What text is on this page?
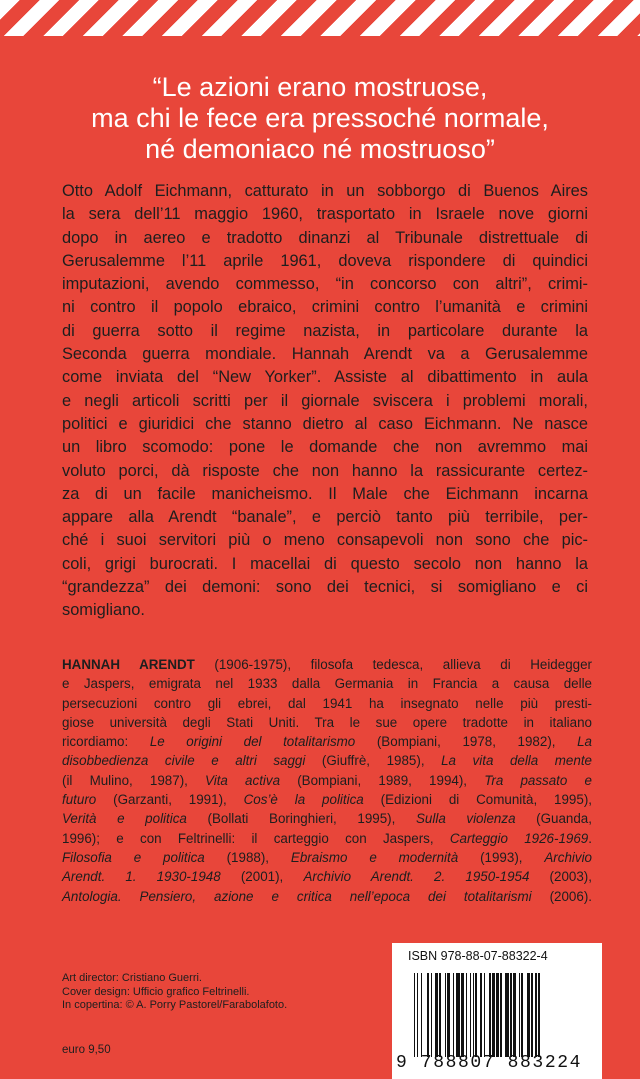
“Le azioni erano mostruose,
ma chi le fece era pressoché normale,
né demoniaco né mostruoso”
Otto Adolf Eichmann, catturato in un sobborgo di Buenos Aires
la sera dell’11 maggio 1960, trasportato in Israele nove giorni
dopo in aereo e tradotto dinanzi al Tribunale distrettuale di
Gerusalemme l’11 aprile 1961, doveva rispondere di quindici
imputazioni, avendo commesso, “in concorso con altri”, crimi-
ni contro il popolo ebraico, crimini contro l’umanità e crimini
di guerra sotto il regime nazista, in particolare durante la
Seconda guerra mondiale. Hannah Arendt va a Gerusalemme
come inviata del “New Yorker”. Assiste al dibattimento in aula
e negli articoli scritti per il giornale sviscera i problemi morali,
politici e giuridici che stanno dietro al caso Eichmann. Ne nasce
un libro scomodo: pone le domande che non avremmo mai
voluto porci, dà risposte che non hanno la rassicurante certez-
za di un facile manicheismo. Il Male che Eichmann incarna
appare alla Arendt “banale”, e perciò tanto più terribile, per-
ché i suoi servitori più o meno consapevoli non sono che pic-
coli, grigi burocrati. I macellai di questo secolo non hanno la
“grandezza” dei demoni: sono dei tecnici, si somigliano e ci
somigliano.
HANNAH ARENDT (1906-1975), filosofa tedesca, allieva di Heidegger
e Jaspers, emigrata nel 1933 dalla Germania in Francia a causa delle
persecuzioni contro gli ebrei, dal 1941 ha insegnato nelle più presti-
giose università degli Stati Uniti. Tra le sue opere tradotte in italiano
ricordiamo: Le origini del totalitarismo (Bompiani, 1978, 1982), La
disobbedienza civile e altri saggi (Giuffrè, 1985), La vita della mente
(il Mulino, 1987), Vita activa (Bompiani, 1989, 1994), Tra passato e
futuro (Garzanti, 1991), Cos’è la politica (Edizioni di Comunità, 1995),
Verità e politica (Bollati Boringhieri, 1995), Sulla violenza (Guanda,
1996); e con Feltrinelli: il carteggio con Jaspers, Carteggio 1926-1969.
Filosofia e politica (1988), Ebraismo e modernità (1993), Archivio
Arendt. 1. 1930-1948 (2001), Archivio Arendt. 2. 1950-1954 (2003),
Antologia. Pensiero, azione e critica nell’epoca dei totalitarismi (2006).
Art director: Cristiano Guerri.
Cover design: Ufficio grafico Feltrinelli.
In copertina: © A. Porry Pastorel/Farabolafoto.
euro 9,50
ISBN 978-88-07-88322-4
9 788807 883224
